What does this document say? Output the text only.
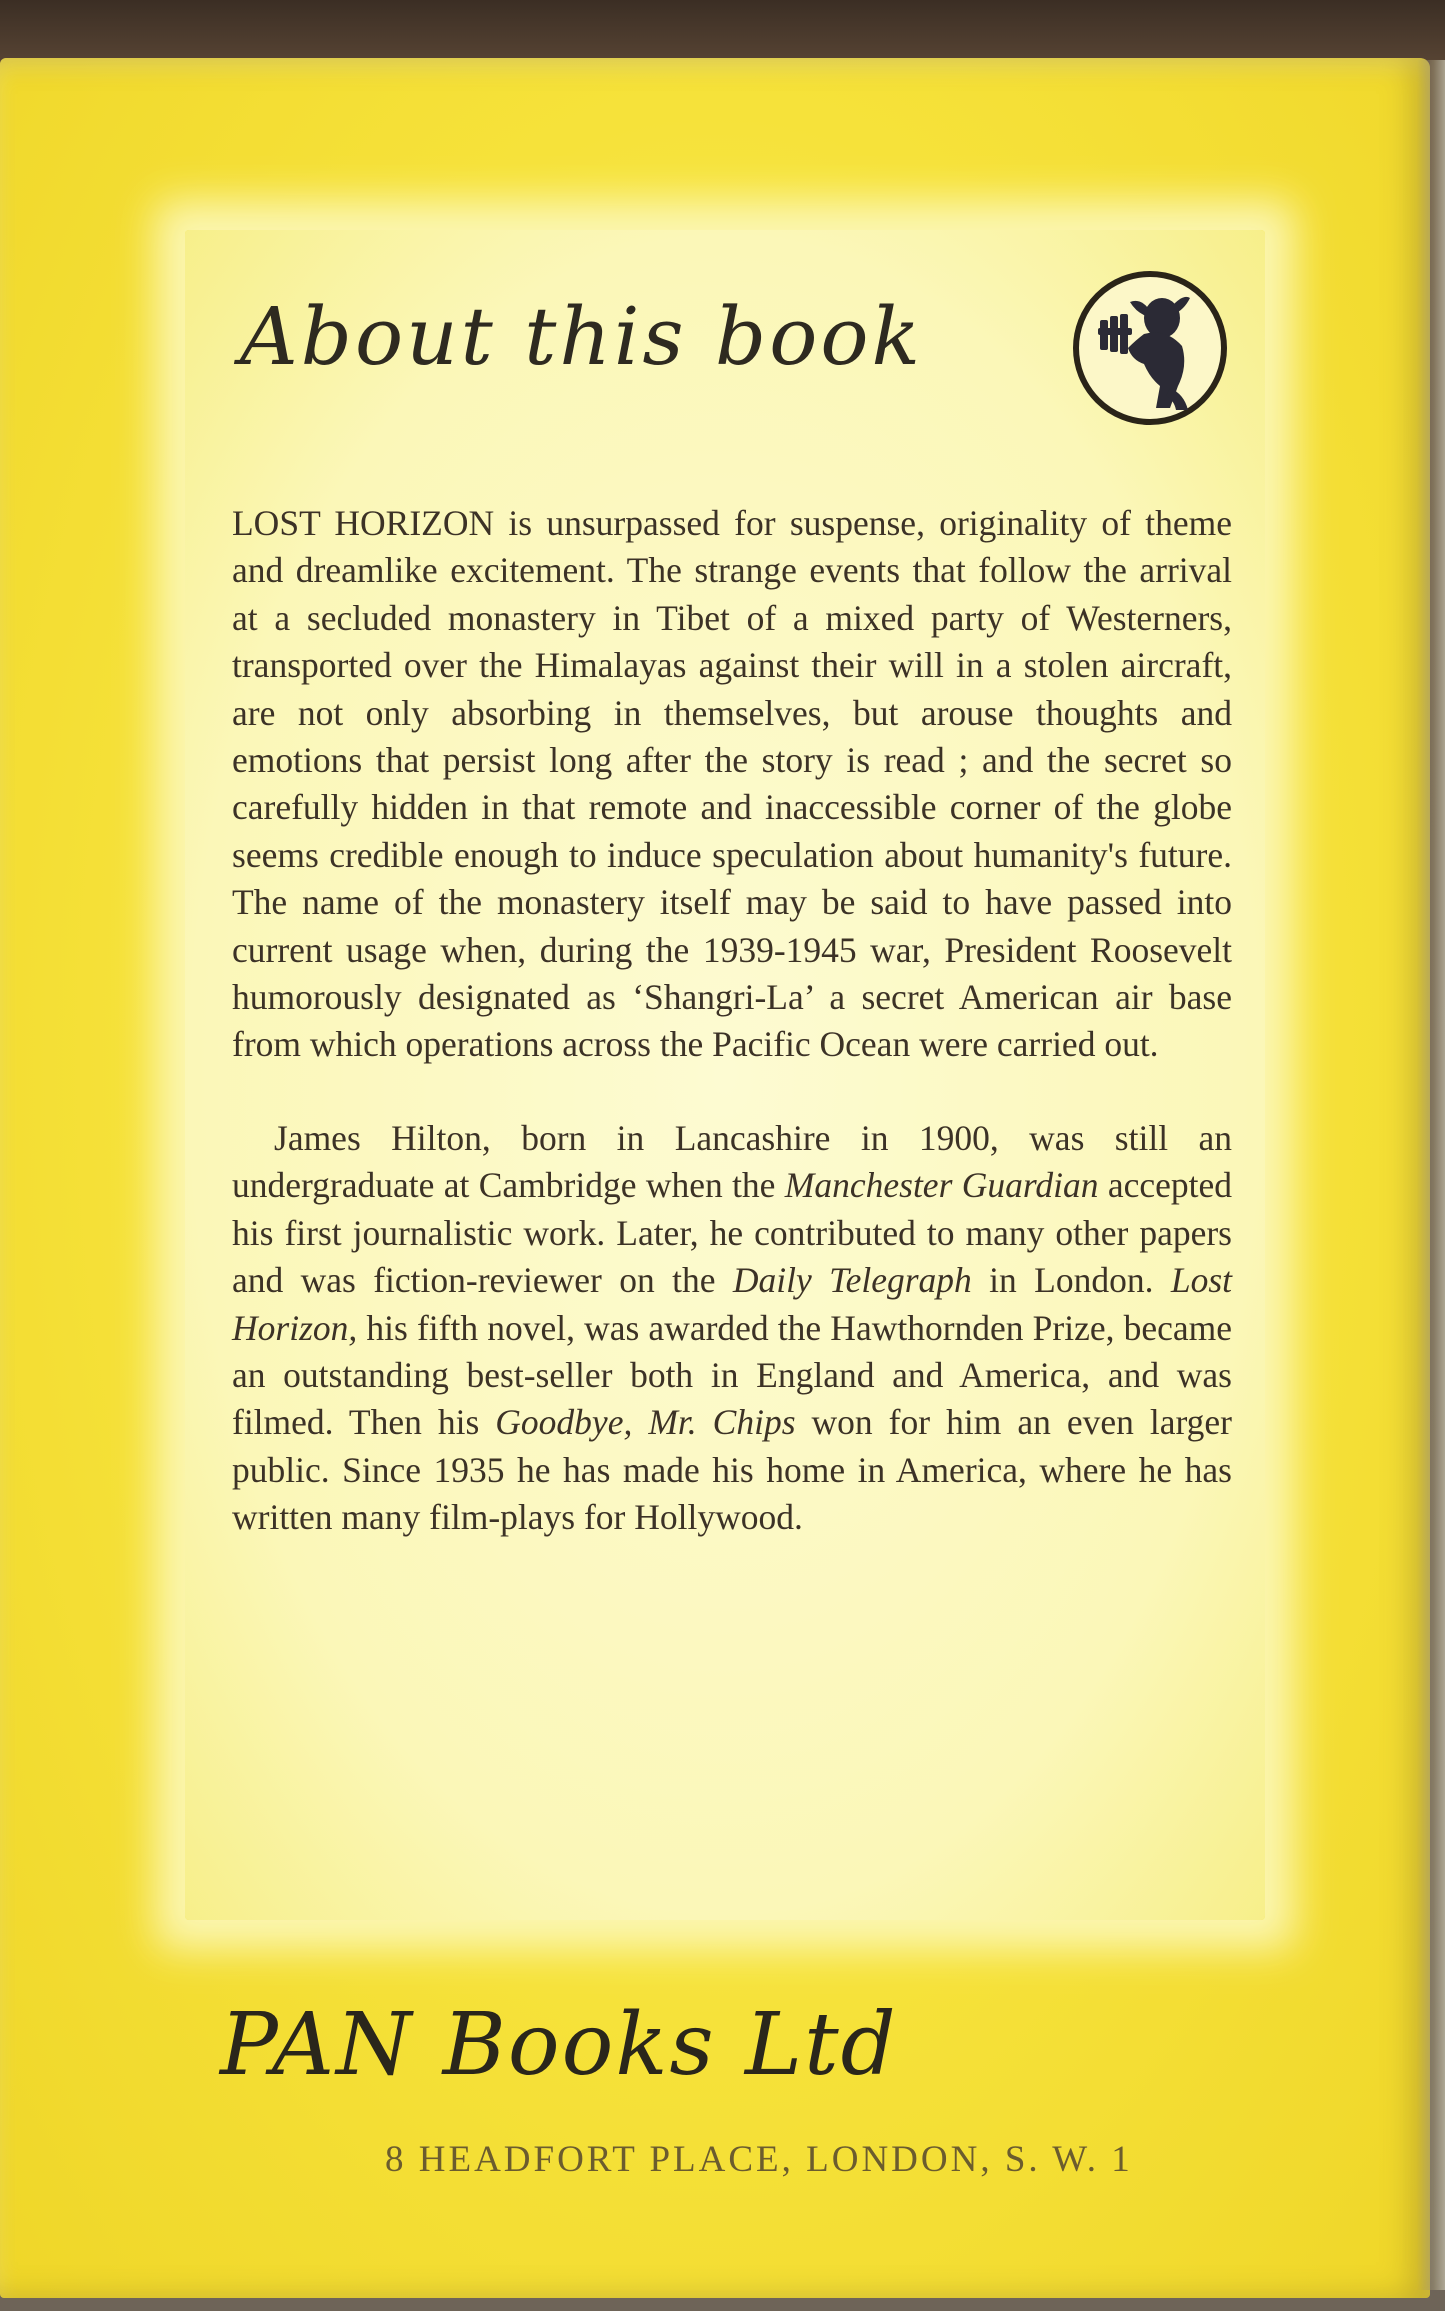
About this book

LOST HORIZON is unsurpassed for suspense, originality of theme and dreamlike excitement. The strange events that follow the arrival at a secluded monastery in Tibet of a mixed party of Westerners, transported over the Himalayas against their will in a stolen aircraft, are not only absorbing in themselves, but arouse thoughts and emotions that persist long after the story is read ; and the secret so carefully hidden in that remote and inaccessible corner of the globe seems credible enough to induce speculation about humanity's future. The name of the monastery itself may be said to have passed into current usage when, during the 1939-1945 war, President Roosevelt humorously designated as ‘Shangri-La’ a secret American air base from which operations across the Pacific Ocean were carried out.

James Hilton, born in Lancashire in 1900, was still an undergraduate at Cambridge when the Manchester Guardian accepted his first journalistic work. Later, he contributed to many other papers and was fiction-reviewer on the Daily Telegraph in London. Lost Horizon, his fifth novel, was awarded the Hawthornden Prize, became an outstanding best-seller both in England and America, and was filmed. Then his Goodbye, Mr. Chips won for him an even larger public. Since 1935 he has made his home in America, where he has written many film-plays for Hollywood.

PAN Books Ltd

8 HEADFORT PLACE, LONDON, S. W. 1
